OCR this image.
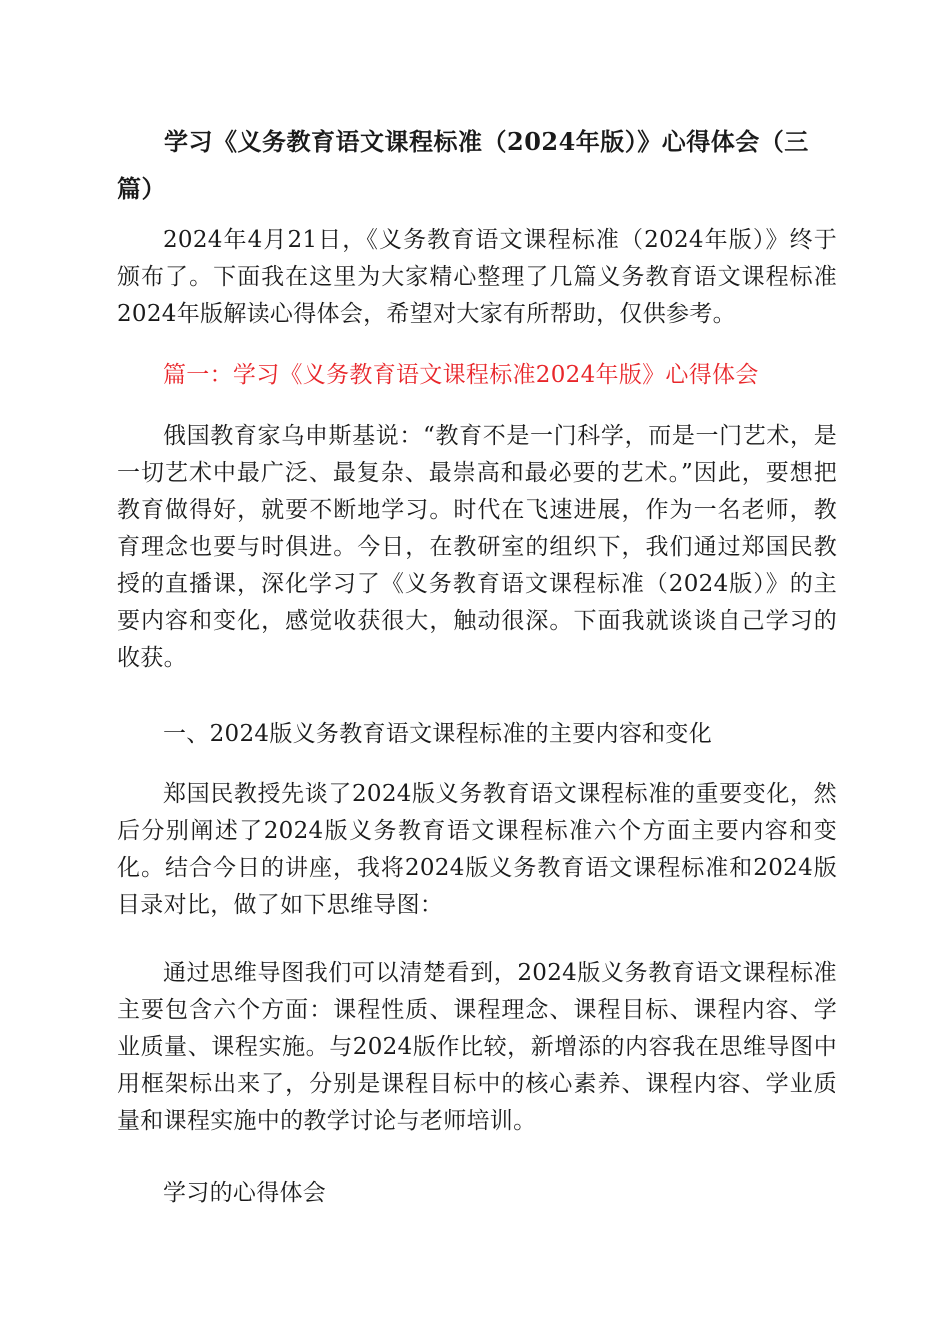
学习《义务教育语文课程标准（2024年版）》心得体会（三篇）

2024年4月21日，《义务教育语文课程标准（2024年版）》终于颁布了。下面我在这里为大家精心整理了几篇义务教育语文课程标准2024年版解读心得体会，希望对大家有所帮助，仅供参考。

篇一：学习《义务教育语文课程标准2024年版》心得体会

俄国教育家乌申斯基说：“教育不是一门科学，而是一门艺术，是一切艺术中最广泛、最复杂、最崇高和最必要的艺术。”因此，要想把教育做得好，就要不断地学习。时代在飞速进展，作为一名老师，教育理念也要与时俱进。今日，在教研室的组织下，我们通过郑国民教授的直播课，深化学习了《义务教育语文课程标准（2024版）》的主要内容和变化，感觉收获很大，触动很深。下面我就谈谈自己学习的收获。

一、2024版义务教育语文课程标准的主要内容和变化

郑国民教授先谈了2024版义务教育语文课程标准的重要变化，然后分别阐述了2024版义务教育语文课程标准六个方面主要内容和变化。结合今日的讲座，我将2024版义务教育语文课程标准和2024版目录对比，做了如下思维导图：

通过思维导图我们可以清楚看到，2024版义务教育语文课程标准主要包含六个方面：课程性质、课程理念、课程目标、课程内容、学业质量、课程实施。与2024版作比较，新增添的内容我在思维导图中用框架标出来了，分别是课程目标中的核心素养、课程内容、学业质量和课程实施中的教学讨论与老师培训。

学习的心得体会
